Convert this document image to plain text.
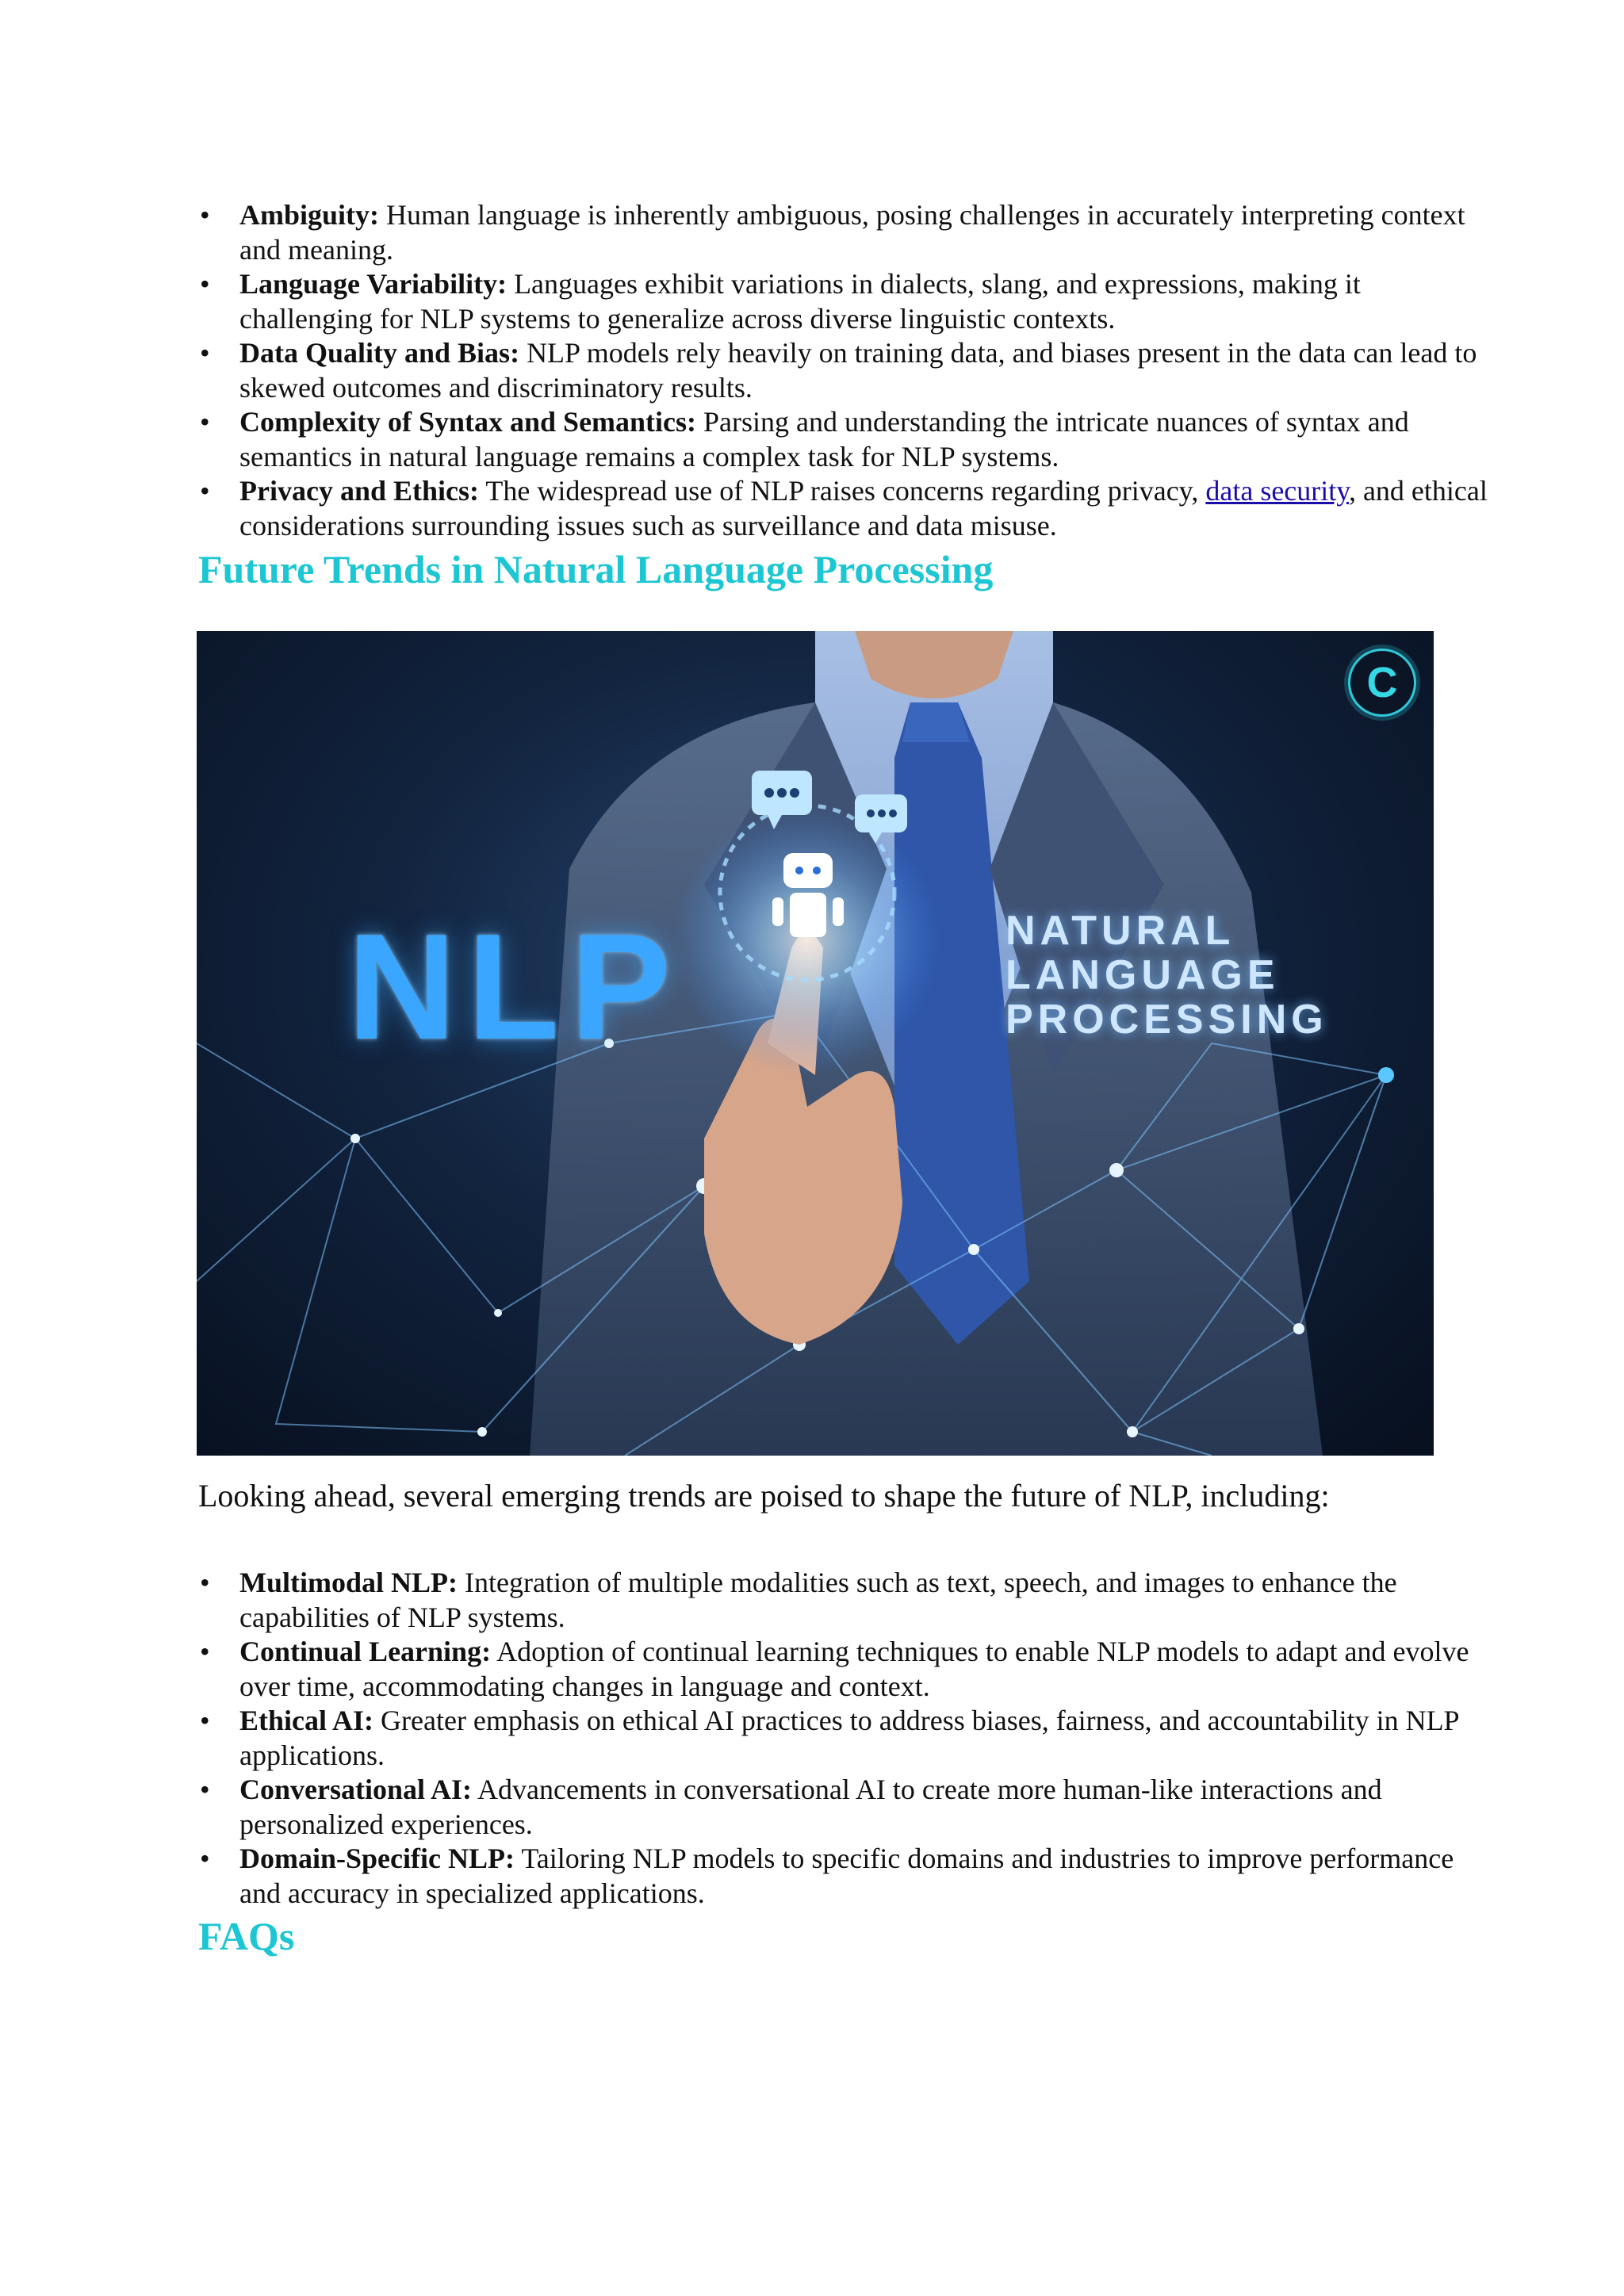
• Ambiguity: Human language is inherently ambiguous, posing challenges in accurately interpreting context and meaning.
• Language Variability: Languages exhibit variations in dialects, slang, and expressions, making it challenging for NLP systems to generalize across diverse linguistic contexts.
• Data Quality and Bias: NLP models rely heavily on training data, and biases present in the data can lead to skewed outcomes and discriminatory results.
• Complexity of Syntax and Semantics: Parsing and understanding the intricate nuances of syntax and semantics in natural language remains a complex task for NLP systems.
• Privacy and Ethics: The widespread use of NLP raises concerns regarding privacy, data security, and ethical considerations surrounding issues such as surveillance and data misuse.
Future Trends in Natural Language Processing
NLP	NATURAL
LANGUAGE
PROCESSING
C

Looking ahead, several emerging trends are poised to shape the future of NLP, including:

• Multimodal NLP: Integration of multiple modalities such as text, speech, and images to enhance the capabilities of NLP systems.
• Continual Learning: Adoption of continual learning techniques to enable NLP models to adapt and evolve over time, accommodating changes in language and context.
• Ethical AI: Greater emphasis on ethical AI practices to address biases, fairness, and accountability in NLP applications.
• Conversational AI: Advancements in conversational AI to create more human-like interactions and personalized experiences.
• Domain-Specific NLP: Tailoring NLP models to specific domains and industries to improve performance and accuracy in specialized applications.
FAQs
